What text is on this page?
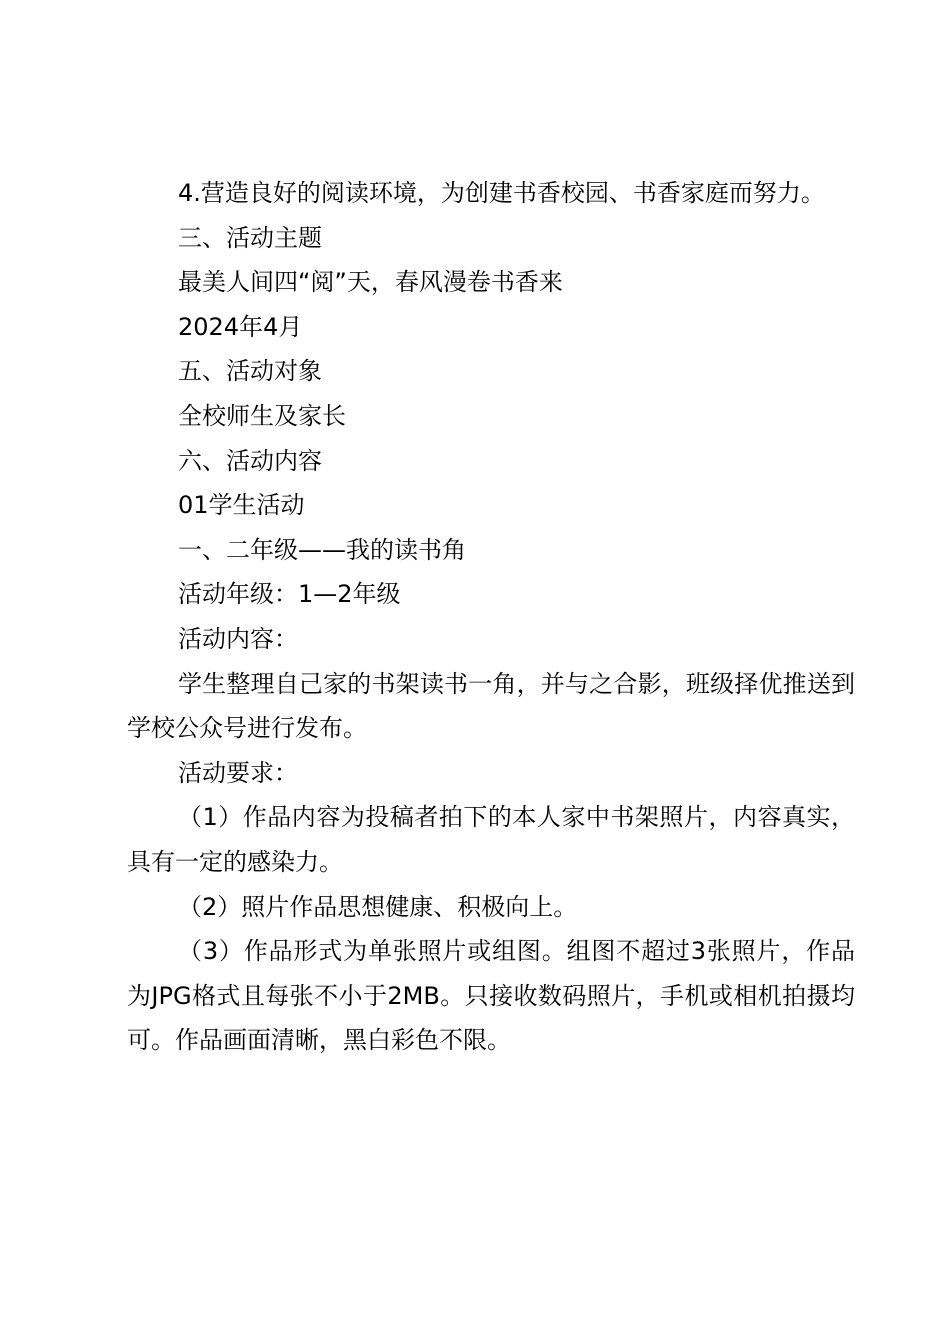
4.营造良好的阅读环境，为创建书香校园、书香家庭而努力。

三、活动主题

最美人间四“阅”天，春风漫卷书香来

2024年4月

五、活动对象

全校师生及家长

六、活动内容

01学生活动

一、二年级——我的读书角

活动年级：1—2年级

活动内容：

学生整理自己家的书架读书一角，并与之合影，班级择优推送到学校公众号进行发布。

活动要求：

（1）作品内容为投稿者拍下的本人家中书架照片，内容真实，具有一定的感染力。

（2）照片作品思想健康、积极向上。

（3）作品形式为单张照片或组图。组图不超过3张照片，作品为JPG格式且每张不小于2MB。只接收数码照片，手机或相机拍摄均可。作品画面清晰，黑白彩色不限。
